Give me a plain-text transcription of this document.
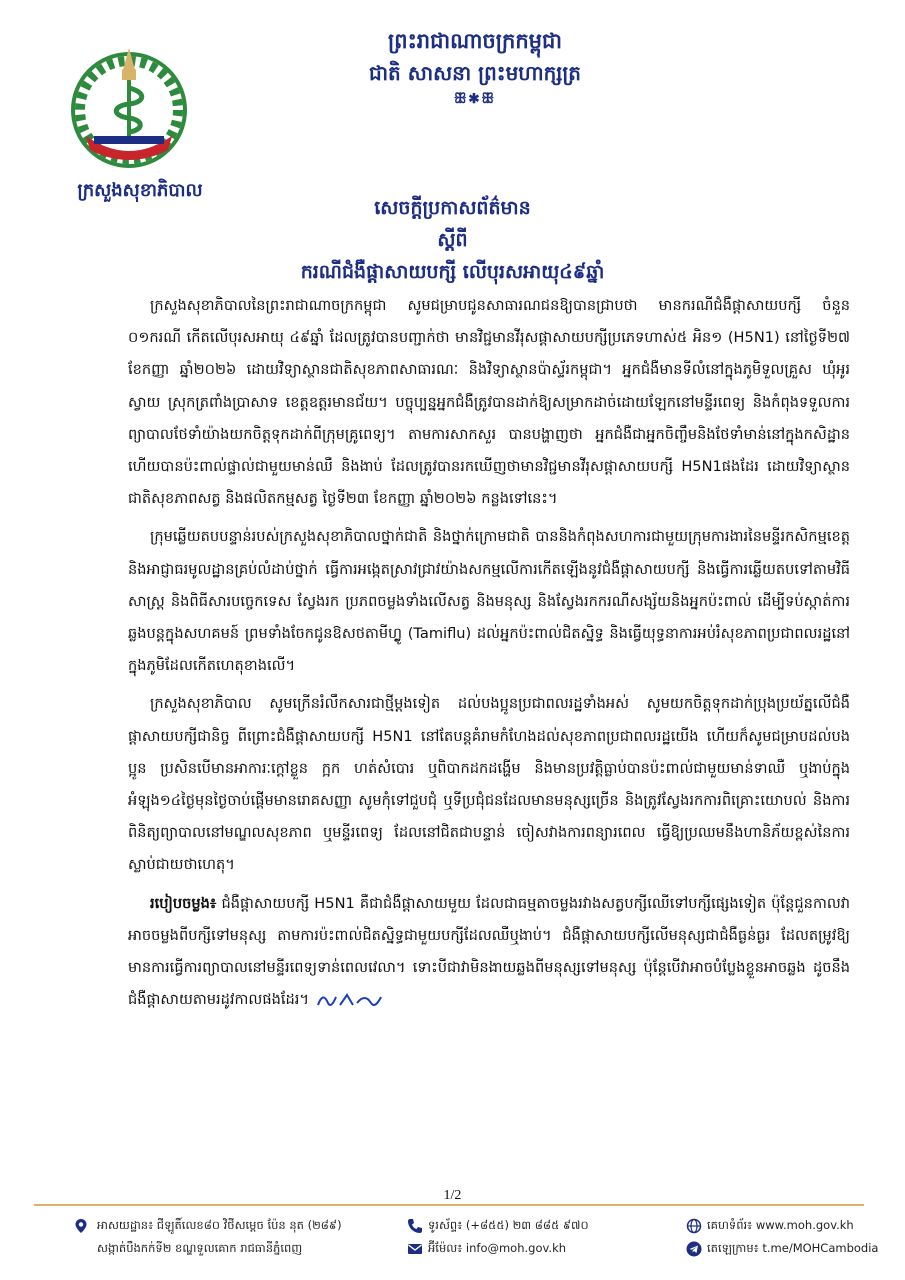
ក្រសួងសុខាភិបាល
ព្រះរាជាណាចក្រកម្ពុជា
ជាតិ សាសនា ព្រះមហាក្សត្រ
ꕥ✱ꕥ
សេចក្តីប្រកាសព័ត៌មាន
ស្តីពី
ករណីជំងឺផ្តាសាយបក្សី លើបុរសអាយុ៤៩ឆ្នាំ

ក្រសួងសុខាភិបាលនៃព្រះរាជាណាចក្រកម្ពុជា សូមជម្រាបជូនសាធារណជនឱ្យបានជ្រាបថា មានករណីជំងឺផ្តាសាយបក្សី ចំនួន ០១ករណី កើតលើបុរសអាយុ ៤៩ឆ្នាំ ដែលត្រូវបានបញ្ជាក់ថា មានវិជ្ជមានវីរុសផ្តាសាយបក្សីប្រភេទហាស់៥ អិន១ (H5N1) នៅថ្ងៃទី២៧ ខែកញ្ញា ឆ្នាំ២០២៦ ដោយវិទ្យាស្ថានជាតិសុខភាពសាធារណៈ និងវិទ្យាស្ថានប៉ាស្ទ័រកម្ពុជា។ អ្នកជំងឺមានទីលំនៅក្នុងភូមិទួលគ្រួស ឃុំអូរស្វាយ ស្រុកត្រពាំងប្រាសាទ ខេត្តឧត្តរមានជ័យ។ បច្ចុប្បន្នអ្នកជំងឺត្រូវបានដាក់ឱ្យសម្រាកដាច់ដោយឡែកនៅមន្ទីរពេទ្យ និងកំពុងទទួលការព្យាបាលថែទាំយ៉ាងយកចិត្តទុកដាក់ពីក្រុមគ្រូពេទ្យ។ តាមការសាកសួរ បានបង្ហាញថា អ្នកជំងឺជាអ្នកចិញ្ចឹមនិងថែទាំមាន់នៅក្នុងកសិដ្ឋាន ហើយបានប៉ះពាល់ផ្ទាល់ជាមួយមាន់ឈឺ និងងាប់ ដែលត្រូវបានរកឃើញថាមានវិជ្ជមានវីរុសផ្តាសាយបក្សី H5N1ផងដែរ ដោយវិទ្យាស្ថានជាតិសុខភាពសត្វ និងផលិតកម្មសត្វ ថ្ងៃទី២៣ ខែកញ្ញា ឆ្នាំ២០២៦ កន្លងទៅនេះ។

ក្រុមឆ្លើយតបបន្ទាន់របស់ក្រសួងសុខាភិបាលថ្នាក់ជាតិ និងថ្នាក់ក្រោមជាតិ បាននិងកំពុងសហការជាមួយក្រុមការងារនៃមន្ទីរកសិកម្មខេត្តនិងអាជ្ញាធរមូលដ្ឋានគ្រប់លំដាប់ថ្នាក់ ធ្វើការអង្កេតស្រាវជ្រាវយ៉ាងសកម្មលើការកើតឡើងនូវជំងឺផ្តាសាយបក្សី និងធ្វើការឆ្លើយតបទៅតាមវិធីសាស្ត្រ និងពិធីសារបច្ចេកទេស ស្វែងរក ប្រភពចម្លងទាំងលើសត្វ និងមនុស្ស និងស្វែងរកករណីសង្ស័យនិងអ្នកប៉ះពាល់ ដើម្បីទប់ស្កាត់ការឆ្លងបន្តក្នុងសហគមន៍ ព្រមទាំងចែកជូនឱសថតាមីហ្វ្លូ (Tamiflu) ដល់អ្នកប៉ះពាល់ជិតស្និទ្ធ និងធ្វើយុទ្ធនាការអប់រំសុខភាពប្រជាពលរដ្ឋនៅក្នុងភូមិដែលកើតហេតុខាងលើ។

ក្រសួងសុខាភិបាល សូមក្រើនរំលឹកសារជាថ្មីម្តងទៀត ដល់បងប្អូនប្រជាពលរដ្ឋទាំងអស់ សូមយកចិត្តទុកដាក់ប្រុងប្រយ័ត្នលើជំងឺផ្តាសាយបក្សីជានិច្ច ពីព្រោះជំងឺផ្តាសាយបក្សី H5N1 នៅតែបន្តគំរាមកំហែងដល់សុខភាពប្រជាពលរដ្ឋយើង ហើយក៏សូមជម្រាបដល់បងប្អូន ប្រសិនបើមានអាការៈក្តៅខ្លួន ក្អក ហត់សំបោរ ឬពិបាកដកដង្ហើម និងមានប្រវត្តិធ្លាប់បានប៉ះពាល់ជាមួយមាន់ទាឈឺ ឬងាប់ក្នុងអំឡុង១៤ថ្ងៃមុនថ្ងៃចាប់ផ្តើមមានរោគសញ្ញា សូមកុំទៅជួបជុំ ឬទីប្រជុំជនដែលមានមនុស្សច្រើន និងត្រូវស្វែងរកការពិគ្រោះយោបល់ និងការពិនិត្យព្យាបាលនៅមណ្ឌលសុខភាព ឬមន្ទីរពេទ្យ ដែលនៅជិតជាបន្ទាន់ ចៀសវាងការពន្យារពេល ធ្វើឱ្យប្រឈមនឹងហានិភ័យខ្ពស់នៃការស្លាប់ជាយថាហេតុ។

របៀបចម្លង៖ ជំងឺផ្តាសាយបក្សី H5N1 គឺជាជំងឺផ្តាសាយមួយ ដែលជាធម្មតាចម្លងរវាងសត្វបក្សីឈើទៅបក្សីផ្សេងទៀត ប៉ុន្តែជួនកាលវាអាចចម្លងពីបក្សីទៅមនុស្ស តាមការប៉ះពាល់ជិតស្និទ្ធជាមួយបក្សីដែលឈឺឬងាប់។ ជំងឺផ្តាសាយបក្សីលើមនុស្សជាជំងឺធ្ងន់ធ្ងរ ដែលតម្រូវឱ្យមានការធ្វើការព្យាបាលនៅមន្ទីរពេទ្យទាន់ពេលវេលា។ ទោះបីជាវាមិនងាយឆ្លងពីមនុស្សទៅមនុស្ស ប៉ុន្តែបើវាអាចបំប្លែងខ្លួនអាចឆ្លង ដូចនឹងជំងឺផ្តាសាយតាមរដូវកាលផងដែរ។

1/2
អាសយដ្ឋាន៖ ជីឡូតិ៍លេខ៨០ វិថីសម្តេច ប៉ែន នុត (២៨៩)
សង្កាត់បឹងកក់ទី២ ខណ្ឌទួលគោក រាជធានីភ្នំពេញ
ទូរស័ព្ទ៖ (+៨៥៥) ២៣ ៨៨៥ ៩៧០
អ៊ីម៉ែល៖ info@moh.gov.kh
គេហទំព័រ៖ www.moh.gov.kh
តេឡេក្រាម៖ t.me/MOHCambodia
